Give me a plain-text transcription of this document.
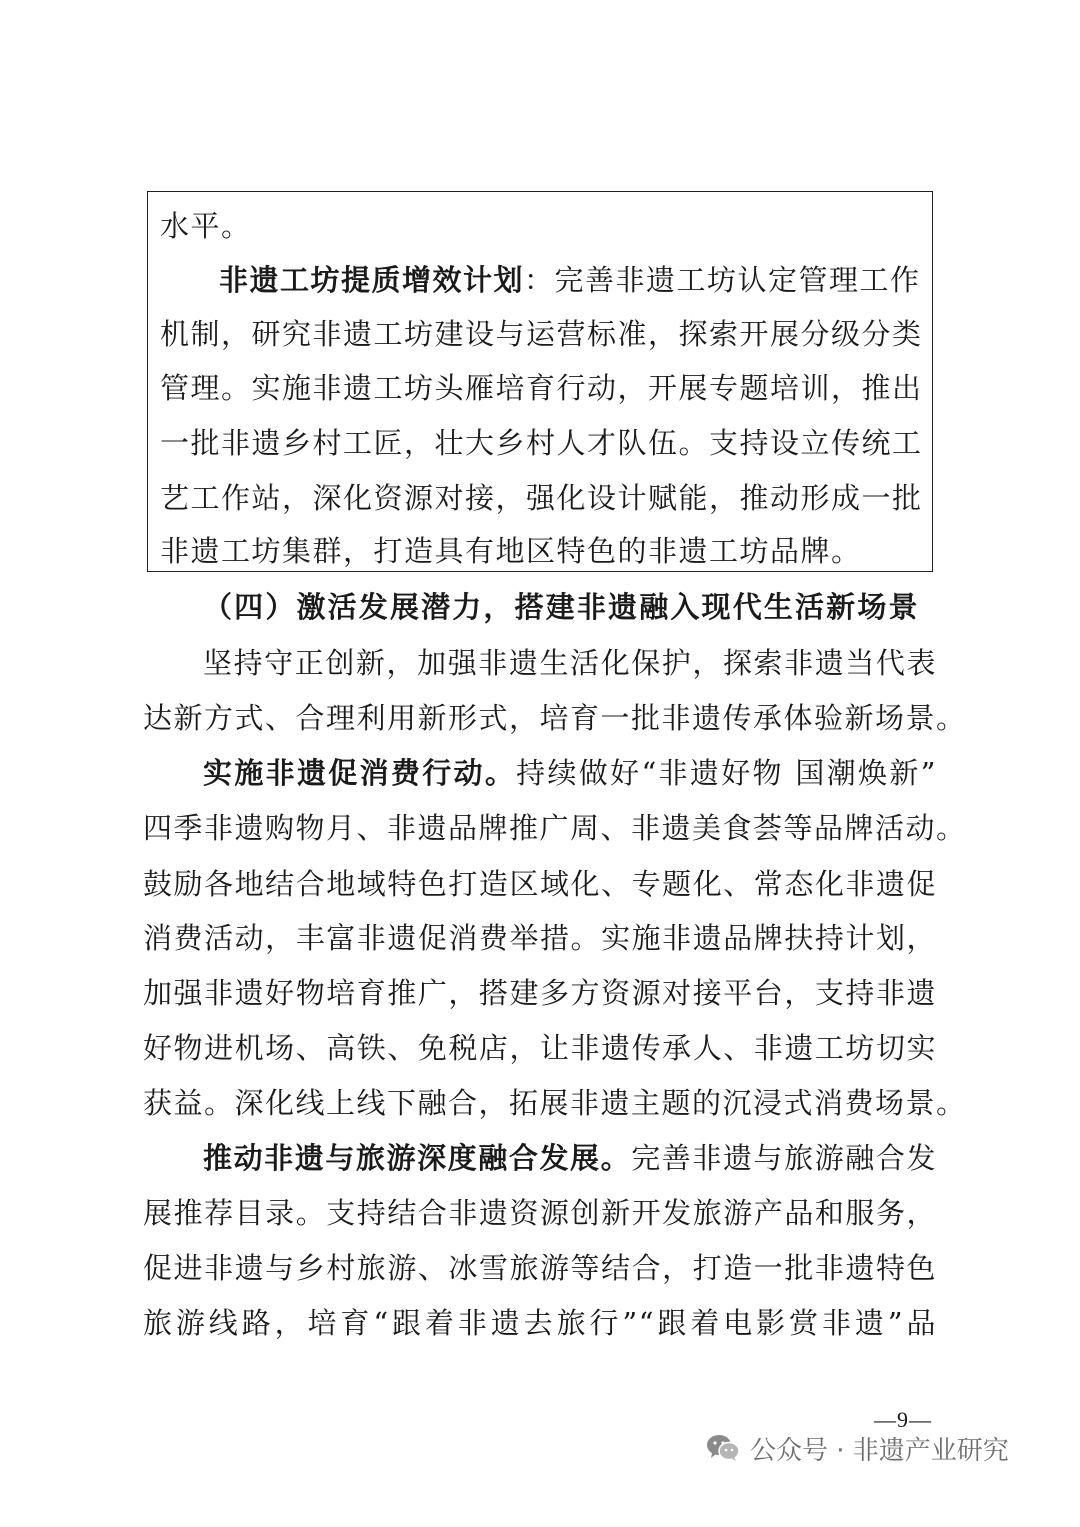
水平。
非遗工坊提质增效计划：完善非遗工坊认定管理工作
机制，研究非遗工坊建设与运营标准，探索开展分级分类
管理。实施非遗工坊头雁培育行动，开展专题培训，推出
一批非遗乡村工匠，壮大乡村人才队伍。支持设立传统工
艺工作站，深化资源对接，强化设计赋能，推动形成一批
非遗工坊集群，打造具有地区特色的非遗工坊品牌。
（四）激活发展潜力，搭建非遗融入现代生活新场景
坚持守正创新，加强非遗生活化保护，探索非遗当代表
达新方式、合理利用新形式，培育一批非遗传承体验新场景。
实施非遗促消费行动。持续做好“非遗好物 国潮焕新”
四季非遗购物月、非遗品牌推广周、非遗美食荟等品牌活动。
鼓励各地结合地域特色打造区域化、专题化、常态化非遗促
消费活动，丰富非遗促消费举措。实施非遗品牌扶持计划，
加强非遗好物培育推广，搭建多方资源对接平台，支持非遗
好物进机场、高铁、免税店，让非遗传承人、非遗工坊切实
获益。深化线上线下融合，拓展非遗主题的沉浸式消费场景。
推动非遗与旅游深度融合发展。完善非遗与旅游融合发
展推荐目录。支持结合非遗资源创新开发旅游产品和服务，
促进非遗与乡村旅游、冰雪旅游等结合，打造一批非遗特色
旅游线路，培育“跟着非遗去旅行”“跟着电影赏非遗”品
—9—
公众号 · 非遗产业研究
